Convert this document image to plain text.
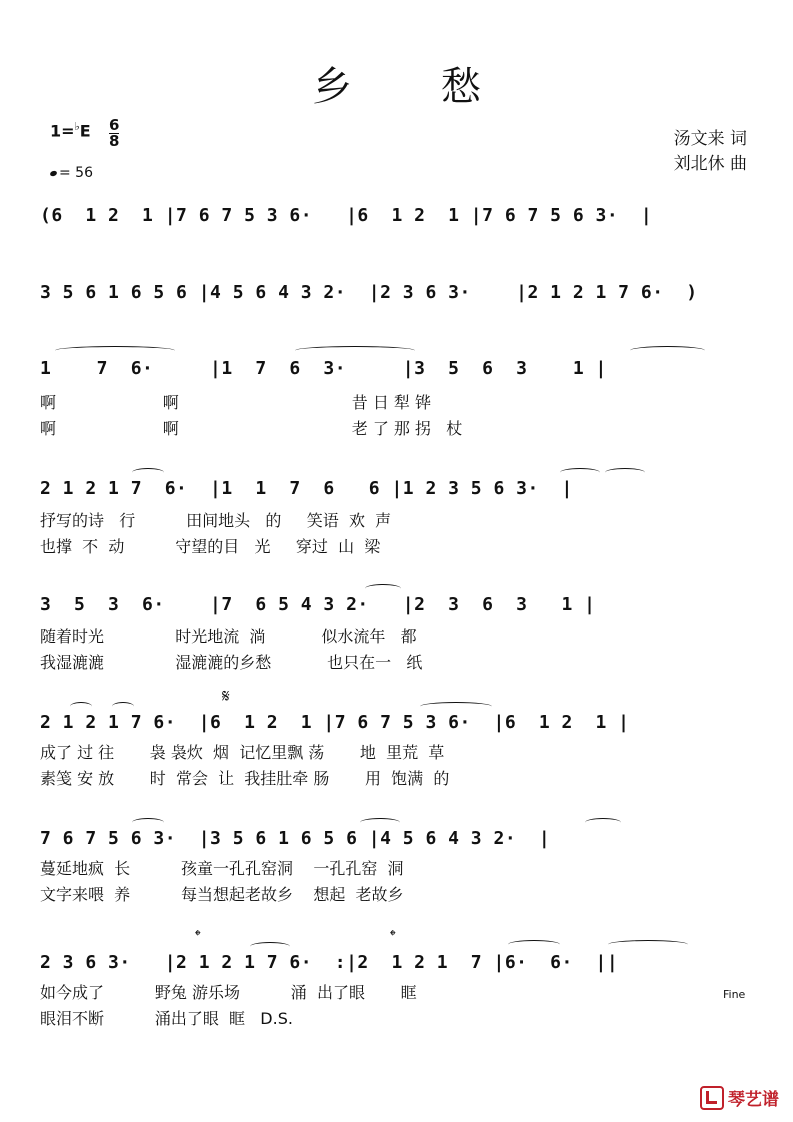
乡 愁
1=♭E 6
8
= 56
汤文来 词
刘北休 曲
(6  1 2  1 |7 6 7 5 3 6·   |6  1 2  1 |7 6 7 5 6 3·  |
3 5 6 1 6 5 6 |4 5 6 4 3 2·  |2 3 6 3·    |2 1 2 1 7 6·  )
1    7  6·     |1  7  6  3·     |3  5  6  3    1 |
啊                     啊                                  昔 日 犁 铧
啊                     啊                                  老 了 那 拐   杖
2 1 2 1 7  6·  |1  1  7  6   6 |1 2 3 5 6 3·  |
抒写的诗   行          田间地头   的     笑语  欢  声
也撑  不  动          守望的目   光     穿过  山  梁
3  5  3  6·    |7  6 5 4 3 2·   |2  3  6  3   1 |
随着时光              时光地流  淌           似水流年   都
我湿漉漉              湿漉漉的乡愁           也只在一   纸
𝄋
2 1 2 1 7 6·  |6  1 2  1 |7 6 7 5 3 6·  |6  1 2  1 |
成了 过 往       袅 袅炊  烟  记忆里飘 荡       地  里荒  草
素笺 安 放       时  常会  让  我挂肚牵 肠       用  饱满  的
7 6 7 5 6 3·  |3 5 6 1 6 5 6 |4 5 6 4 3 2·  |
蔓延地疯  长          孩童一孔孔窑洞    一孔孔窑  洞
文字来喂  养          每当想起老故乡    想起  老故乡
𝄌	𝄌
2 3 6 3·   |2 1 2 1 7 6·  :|2  1 2 1  7 |6·  6·  ||
如今成了          野兔 游乐场          涌  出了眼       眶
眼泪不断          涌出了眼  眶   D.S.
Fine
琴艺谱
